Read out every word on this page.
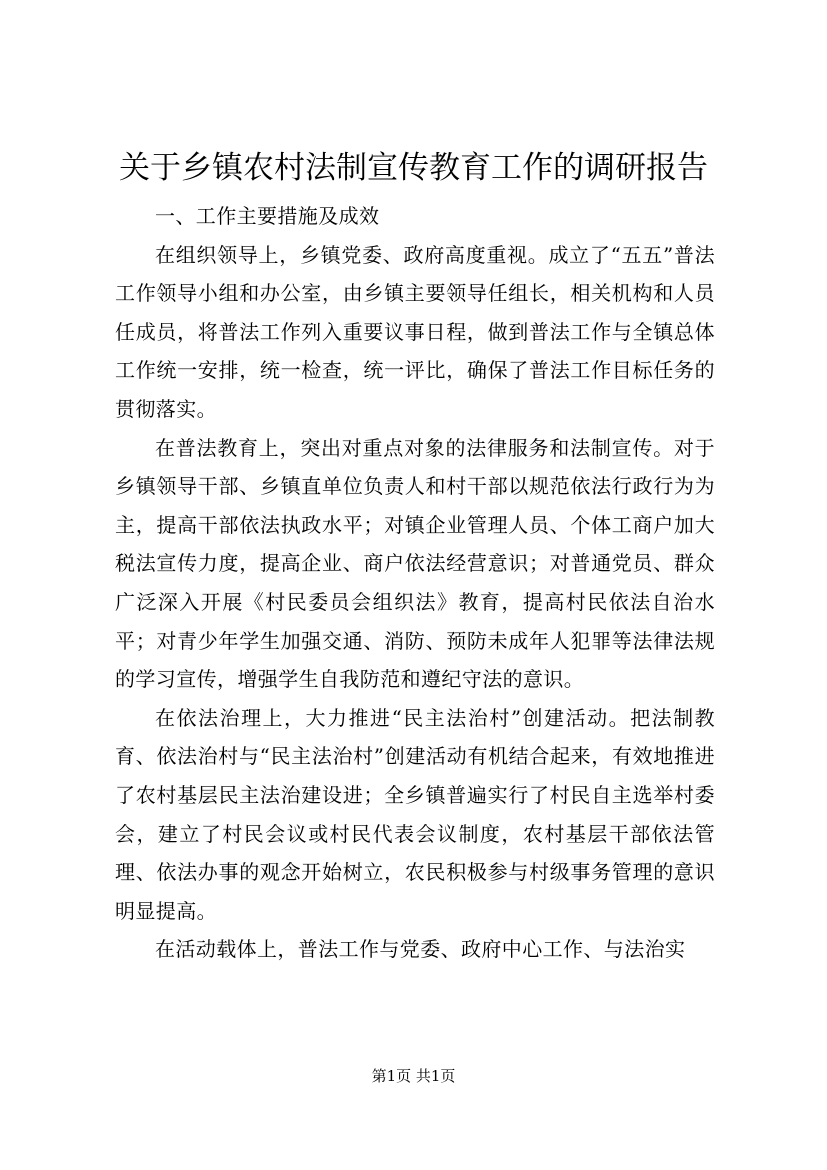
关于乡镇农村法制宣传教育工作的调研报告

一、工作主要措施及成效

在组织领导上，乡镇党委、政府高度重视。成立了“五五”普法工作领导小组和办公室，由乡镇主要领导任组长，相关机构和人员任成员，将普法工作列入重要议事日程，做到普法工作与全镇总体工作统一安排，统一检查，统一评比，确保了普法工作目标任务的贯彻落实。

在普法教育上，突出对重点对象的法律服务和法制宣传。对于乡镇领导干部、乡镇直单位负责人和村干部以规范依法行政行为为主，提高干部依法执政水平；对镇企业管理人员、个体工商户加大税法宣传力度，提高企业、商户依法经营意识；对普通党员、群众广泛深入开展《村民委员会组织法》教育，提高村民依法自治水平；对青少年学生加强交通、消防、预防未成年人犯罪等法律法规的学习宣传，增强学生自我防范和遵纪守法的意识。

在依法治理上，大力推进“民主法治村”创建活动。把法制教育、依法治村与“民主法治村”创建活动有机结合起来，有效地推进了农村基层民主法治建设进；全乡镇普遍实行了村民自主选举村委会，建立了村民会议或村民代表会议制度，农村基层干部依法管理、依法办事的观念开始树立，农民积极参与村级事务管理的意识明显提高。

在活动载体上，普法工作与党委、政府中心工作、与法治实

第1页 共1页
